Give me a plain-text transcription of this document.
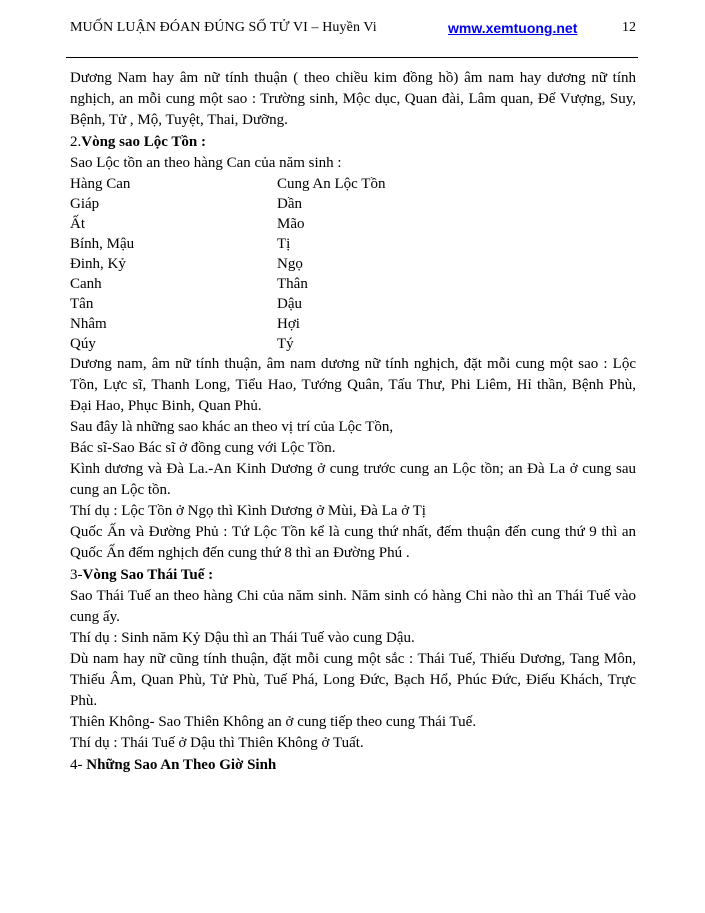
MUỐN LUẬN ĐÓAN ĐÚNG SỐ TỬ VI – Huyền Vi	wmw.xemtuong.net	12

Dương Nam hay âm nữ tính thuận ( theo chiều kim đồng hồ) âm nam hay dương nữ tính nghịch, an mỗi cung một sao : Trường sinh, Mộc dục, Quan đài, Lâm quan, Đế Vượng, Suy, Bệnh, Tử , Mộ, Tuyệt, Thai, Dưỡng.

2.Vòng sao Lộc Tồn :

Sao Lộc tồn an theo hàng Can của năm sinh :

Hàng Can	Cung An Lộc Tồn
Giáp	Dần
Ất	Mão
Bính, Mậu	Tị
Đinh, Kỷ	Ngọ
Canh	Thân
Tân	Dậu
Nhâm	Hợi
Qúy	Tý

Dương nam, âm nữ tính thuận, âm nam dương nữ tính nghịch, đặt mỗi cung một sao : Lộc Tồn, Lực sĩ, Thanh Long, Tiểu Hao, Tướng Quân, Tấu Thư, Phi Liêm, Hỉ thần, Bệnh Phù, Đại Hao, Phục Binh, Quan Phủ.

Sau đây là những sao khác an theo vị trí của Lộc Tồn,

Bác sĩ-Sao Bác sĩ ở đồng cung với Lộc Tồn.

Kình dương và Đà La.-An Kinh Dương ở cung trước cung an Lộc tồn; an Đà La ở cung sau cung an Lộc tồn.

Thí dụ : Lộc Tồn ở Ngọ thì Kình Dương ở Mùi, Đà La ở Tị

Quốc Ấn và Đường Phủ : Tứ Lộc Tồn kể là cung thứ nhất, đếm thuận đến cung thứ 9 thì an Quốc Ấn đếm nghịch đến cung thứ 8 thì an Đường Phú .

3-Vòng Sao Thái Tuế :

Sao Thái Tuế an theo hàng Chi của năm sinh. Năm sinh có hàng Chi nào thì an Thái Tuế vào cung ấy.

Thí dụ : Sinh năm Kỷ Dậu thì an Thái Tuế vào cung Dậu.

Dù nam hay nữ cũng tính thuận, đặt mỗi cung một sắc : Thái Tuế, Thiếu Dương, Tang Môn, Thiếu Âm, Quan Phù, Tử Phù, Tuế Phá, Long Đức, Bạch Hổ, Phúc Đức, Điếu Khách, Trực Phù.

Thiên Không- Sao Thiên Không an ở cung tiếp theo cung Thái Tuế.

Thí dụ : Thái Tuế ở Dậu thì Thiên Không ở Tuất.

4- Những Sao An Theo Giờ Sinh
